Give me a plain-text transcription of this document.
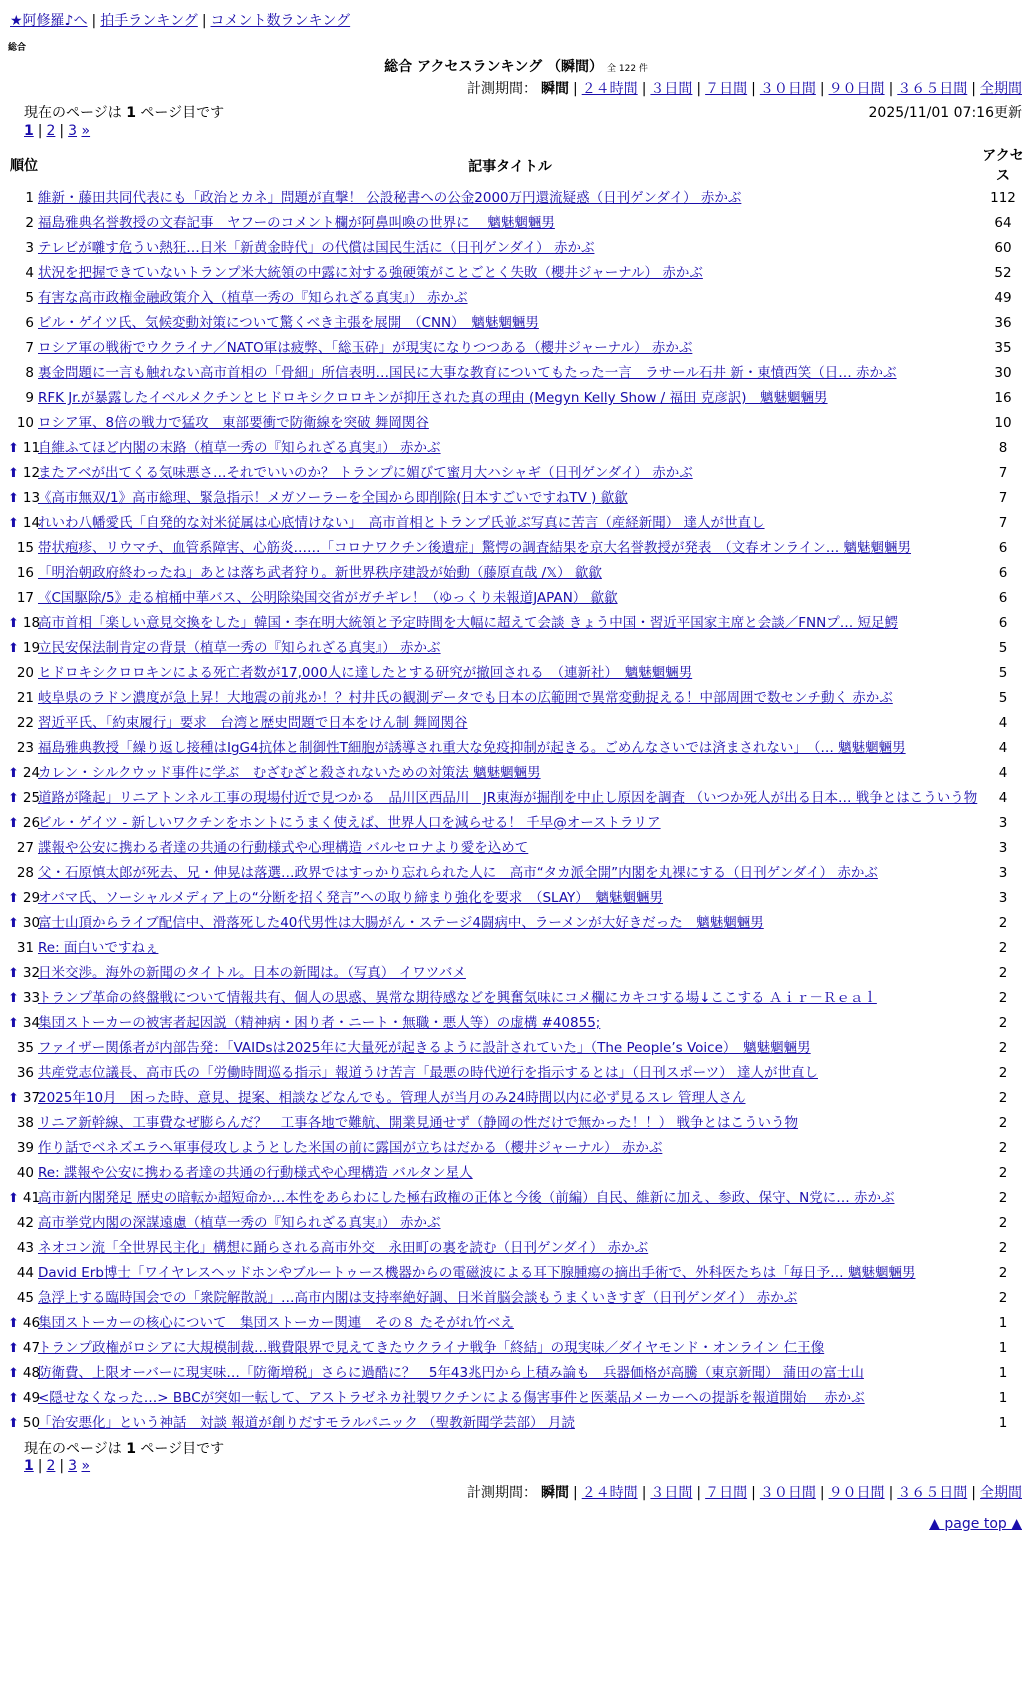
★阿修羅♪へ | 拍手ランキング | コメント数ランキング
総合
総合 アクセスランキング （瞬間） 全 122 件
計測期間： 瞬間 | ２４時間 | ３日間 | ７日間 | ３０日間 | ９０日間 | ３６５日間 | 全期間
現在のページは 1 ページ目です	2025/11/01 07:16更新
1 | 2 | 3 »
順位	記事タイトル	アクセス
1	維新・藤田共同代表にも「政治とカネ」問題が直撃！ 公設秘書への公金2000万円還流疑惑（日刊ゲンダイ） 赤かぶ	112
2	福島雅典名誉教授の文春記事　ヤフーのコメント欄が阿鼻叫喚の世界に　 魑魅魍魎男	64
3	テレビが囃す危うい熱狂…日米「新黄金時代」の代償は国民生活に（日刊ゲンダイ） 赤かぶ	60
4	状況を把握できていないトランプ米大統領の中露に対する強硬策がことごとく失敗（櫻井ジャーナル） 赤かぶ	52
5	有害な高市政権金融政策介入（植草一秀の『知られざる真実』） 赤かぶ	49
6	ビル・ゲイツ氏、気候変動対策について驚くべき主張を展開　（CNN）　魑魅魍魎男	36
7	ロシア軍の戦術でウクライナ／NATO軍は疲弊、「総玉砕」が現実になりつつある（櫻井ジャーナル） 赤かぶ	35
8	裏金問題に一言も触れない高市首相の「骨細」所信表明…国民に大事な教育についてもたった一言　ラサール石井 新・東憤西笑（日… 赤かぶ	30
9	RFK Jr.が暴露したイベルメクチンとヒドロキシクロロキンが抑圧された真の理由 (Megyn Kelly Show / 福田 克彦訳)　魑魅魍魎男	16
10	ロシア軍、8倍の戦力で猛攻　東部要衝で防衛線を突破 舞岡関谷	10
⬆ 11	自維ふてほど内閣の末路（植草一秀の『知られざる真実』） 赤かぶ	8
⬆ 12	またアベが出てくる気味悪さ…それでいいのか？ トランプに媚びて蜜月大ハシャギ（日刊ゲンダイ） 赤かぶ	7
⬆ 13	《高市無双/1》高市総理、緊急指示！メガソーラーを全国から即削除(日本すごいですねTV ) 歙歙	7
⬆ 14	れいわ八幡愛氏「自発的な対米従属は心底情けない」　高市首相とトランプ氏並ぶ写真に苦言（産経新聞） 達人が世直し	7
15	帯状疱疹、リウマチ、血管系障害、心筋炎……「コロナワクチン後遺症」驚愕の調査結果を京大名誉教授が発表　（文春オンライン… 魑魅魍魎男	6
16	「明治朝政府終わったね」あとは落ち武者狩り。新世界秩序建設が始動（藤原直哉 /𝕏） 歙歙	6
17	《C国駆除/5》走る棺桶中華バス、公明除染国交省がガチギレ！（ゆっくり未報道JAPAN） 歙歙	6
⬆ 18	高市首相「楽しい意見交換をした」韓国・李在明大統領と予定時間を大幅に超えて会談 きょう中国・習近平国家主席と会談／FNNプ… 短足鰐	6
⬆ 19	立民安保法制肯定の背景（植草一秀の『知られざる真実』） 赤かぶ	5
20	ヒドロキシクロロキンによる死亡者数が17,000人に達したとする研究が撤回される　（連新社）　魑魅魍魎男	5
21	岐阜県のラドン濃度が急上昇！大地震の前兆か！？村井氏の観測データでも日本の広範囲で異常変動捉える！中部周囲で数センチ動く 赤かぶ	5
22	習近平氏、「約束履行」要求　台湾と歴史問題で日本をけん制 舞岡関谷	4
23	福島雅典教授「繰り返し接種はIgG4抗体と制御性T細胞が誘導され重大な免疫抑制が起きる。ごめんなさいでは済まされない」　（… 魑魅魍魎男	4
⬆ 24	カレン・シルクウッド事件に学ぶ　むざむざと殺されないための対策法 魑魅魍魎男	4
⬆ 25	道路が隆起」リニアトンネル工事の現場付近で見つかる　品川区西品川　JR東海が掘削を中止し原因を調査 （いつか死人が出る日本… 戦争とはこういう物	4
⬆ 26	ビル・ゲイツ - 新しいワクチンをホントにうまく使えば、世界人口を減らせる！ 千早@オーストラリア	3
27	諜報や公安に携わる者達の共通の行動様式や心理構造 バルセロナより愛を込めて	3
28	父・石原慎太郎が死去、兄・伸晃は落選…政界ではすっかり忘れられた人に　高市“タカ派全開”内閣を丸裸にする（日刊ゲンダイ） 赤かぶ	3
⬆ 29	オバマ氏、ソーシャルメディア上の“分断を招く発言”への取り締まり強化を要求　（SLAY）　魑魅魍魎男	3
⬆ 30	富士山頂からライブ配信中、滑落死した40代男性は大腸がん・ステージ4闘病中、ラーメンが大好きだった　魑魅魍魎男	2
31	Re: 面白いですねぇ	2
⬆ 32	日米交渉。海外の新聞のタイトル。日本の新聞は。（写真） イワツバメ	2
⬆ 33	トランプ革命の終盤戦について情報共有、個人の思惑、異常な期待感などを興奮気味にコメ欄にカキコする場↓ここする Ａｉｒ－Ｒｅａｌ	2
⬆ 34	集団ストーカーの被害者起因説（精神病・困り者・ニート・無職・悪人等）の虚構 #40855;	2
35	ファイザー関係者が内部告発：「VAIDsは2025年に大量死が起きるように設計されていた」（The People’s Voice）　魑魅魍魎男	2
36	共産党志位議長、高市氏の「労働時間巡る指示」報道うけ苦言「最悪の時代逆行を指示するとは」（日刊スポーツ） 達人が世直し	2
⬆ 37	2025年10月　困った時、意見、提案、相談などなんでも。管理人が当月のみ24時間以内に必ず見るスレ 管理人さん	2
38	リニア新幹線、工事費なぜ膨らんだ？　工事各地で難航、開業見通せず（静岡の性だけで無かった！！） 戦争とはこういう物	2
39	作り話でベネズエラへ軍事侵攻しようとした米国の前に露国が立ちはだかる（櫻井ジャーナル） 赤かぶ	2
40	Re: 諜報や公安に携わる者達の共通の行動様式や心理構造 バルタン星人	2
⬆ 41	高市新内閣発足 歴史の暗転か超短命か…本性をあらわにした極右政権の正体と今後（前編）自民、維新に加え、参政、保守、N党に… 赤かぶ	2
42	高市挙党内閣の深謀遠慮（植草一秀の『知られざる真実』） 赤かぶ	2
43	ネオコン流「全世界民主化」構想に踊らされる高市外交　永田町の裏を読む（日刊ゲンダイ） 赤かぶ	2
44	David Erb博士「ワイヤレスヘッドホンやブルートゥース機器からの電磁波による耳下腺腫瘍の摘出手術で、外科医たちは「毎日予… 魑魅魍魎男	2
45	急浮上する臨時国会での「衆院解散説」…高市内閣は支持率絶好調、日米首脳会談もうまくいきすぎ（日刊ゲンダイ） 赤かぶ	2
⬆ 46	集団ストーカーの核心について　集団ストーカー関連　その８ たそがれ竹べえ	1
⬆ 47	トランプ政権がロシアに大規模制裁…戦費限界で見えてきたウクライナ戦争「終結」の現実味／ダイヤモンド・オンライン 仁王像	1
⬆ 48	防衛費、上限オーバーに現実味…「防衛増税」さらに過酷に？　5年43兆円から上積み論も　兵器価格が高騰（東京新聞） 蒲田の富士山	1
⬆ 49	<隠せなくなった…> BBCが突如一転して、アストラゼネカ社製ワクチンによる傷害事件と医薬品メーカーへの提訴を報道開始　 赤かぶ	1
⬆ 50	「治安悪化」という神話　対談 報道が創りだすモラルパニック （聖教新聞学芸部） 月読	1
現在のページは 1 ページ目です
1 | 2 | 3 »
計測期間： 瞬間 | ２４時間 | ３日間 | ７日間 | ３０日間 | ９０日間 | ３６５日間 | 全期間
▲ page top ▲
